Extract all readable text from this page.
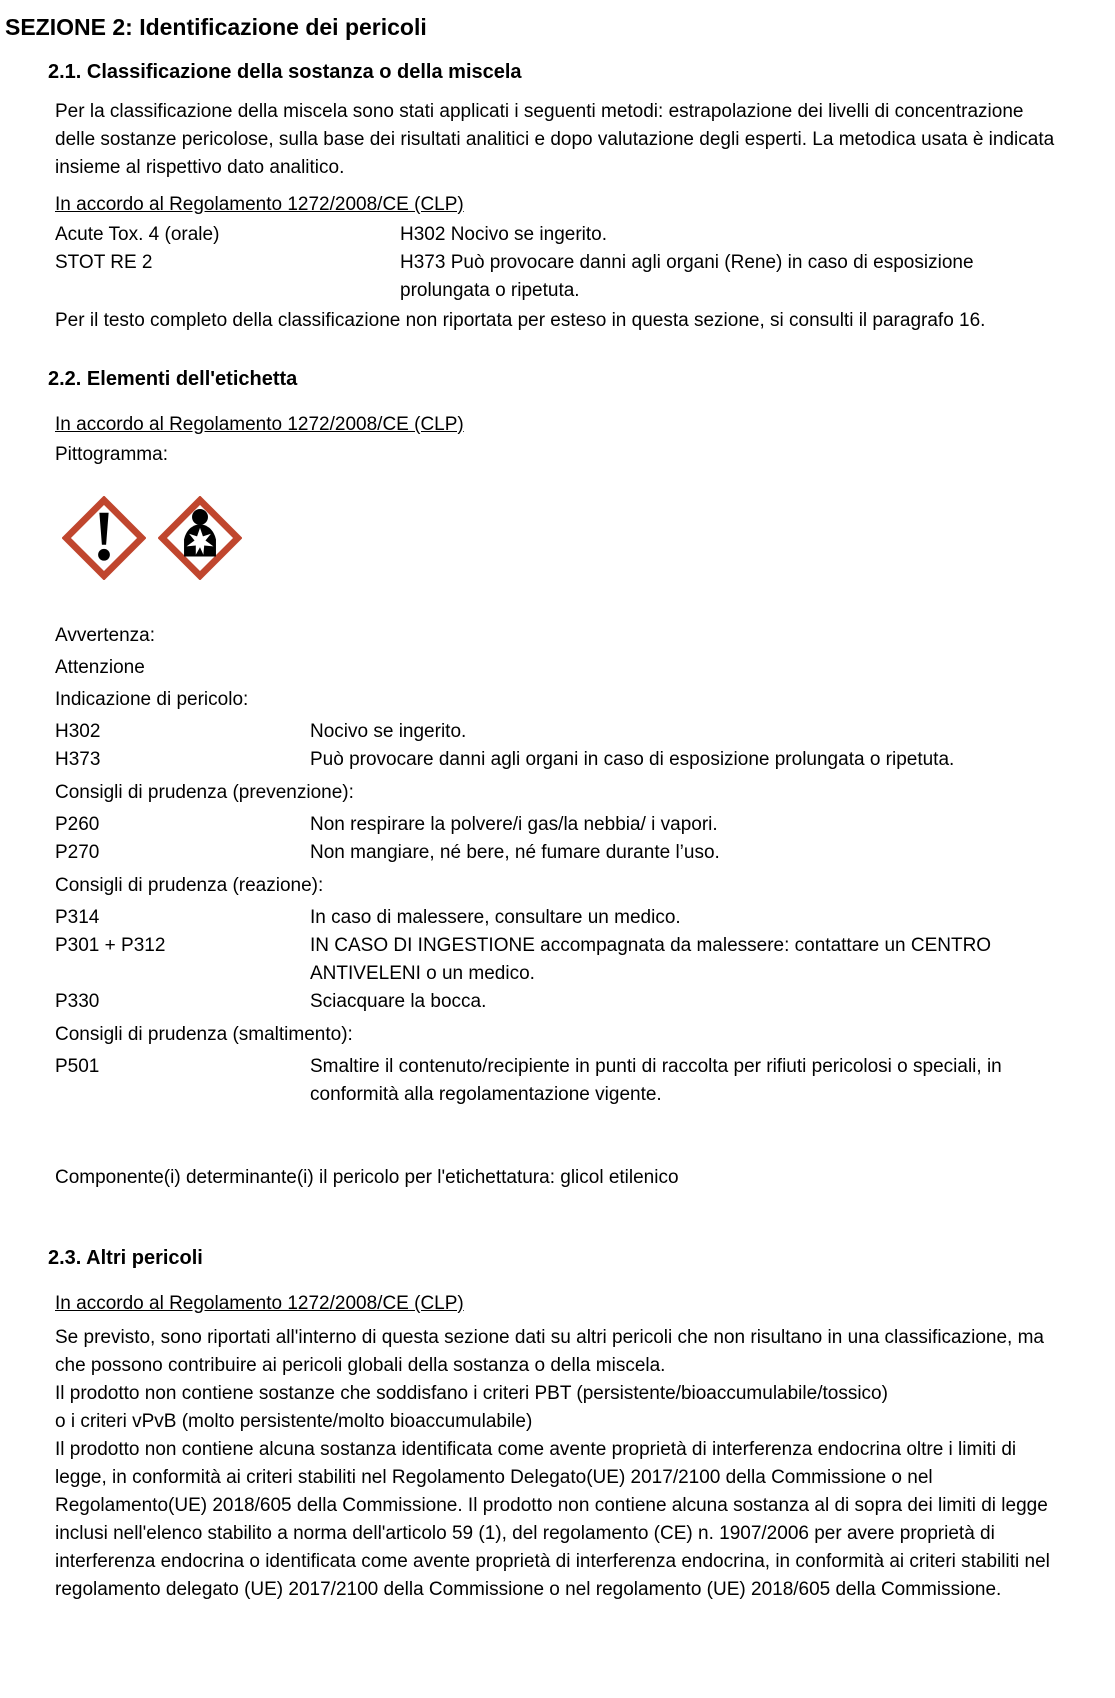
SEZIONE 2: Identificazione dei pericoli
2.1. Classificazione della sostanza o della miscela
Per la classificazione della miscela sono stati applicati i seguenti metodi: estrapolazione dei livelli di concentrazione delle sostanze pericolose, sulla base dei risultati analitici e dopo valutazione degli esperti. La metodica usata è indicata insieme al rispettivo dato analitico.
In accordo al Regolamento 1272/2008/CE (CLP)
Acute Tox. 4 (orale)	H302 Nocivo se ingerito.
STOT RE 2	H373 Può provocare danni agli organi (Rene) in caso di esposizione prolungata o ripetuta.
Per il testo completo della classificazione non riportata per esteso in questa sezione, si consulti il paragrafo 16.
2.2. Elementi dell'etichetta
In accordo al Regolamento 1272/2008/CE (CLP)
Pittogramma:
Avvertenza:
Attenzione
Indicazione di pericolo:
H302	Nocivo se ingerito.
H373	Può provocare danni agli organi in caso di esposizione prolungata o ripetuta.
Consigli di prudenza (prevenzione):
P260	Non respirare la polvere/i gas/la nebbia/ i vapori.
P270	Non mangiare, né bere, né fumare durante l’uso.
Consigli di prudenza (reazione):
P314	In caso di malessere, consultare un medico.
P301 + P312	IN CASO DI INGESTIONE accompagnata da malessere: contattare un CENTRO ANTIVELENI o un medico.
P330	Sciacquare la bocca.
Consigli di prudenza (smaltimento):
P501	Smaltire il contenuto/recipiente in punti di raccolta per rifiuti pericolosi o speciali, in conformità alla regolamentazione vigente.
Componente(i) determinante(i) il pericolo per l'etichettatura: glicol etilenico
2.3. Altri pericoli
In accordo al Regolamento 1272/2008/CE (CLP)
Se previsto, sono riportati all'interno di questa sezione dati su altri pericoli che non risultano in una classificazione, ma che possono contribuire ai pericoli globali della sostanza o della miscela.
Il prodotto non contiene sostanze che soddisfano i criteri PBT (persistente/bioaccumulabile/tossico)
o i criteri vPvB (molto persistente/molto bioaccumulabile)
Il prodotto non contiene alcuna sostanza identificata come avente proprietà di interferenza endocrina oltre i limiti di legge, in conformità ai criteri stabiliti nel Regolamento Delegato(UE) 2017/2100 della Commissione o nel Regolamento(UE) 2018/605 della Commissione. Il prodotto non contiene alcuna sostanza al di sopra dei limiti di legge inclusi nell'elenco stabilito a norma dell'articolo 59 (1), del regolamento (CE) n. 1907/2006 per avere proprietà di interferenza endocrina o identificata come avente proprietà di interferenza endocrina, in conformità ai criteri stabiliti nel regolamento delegato (UE) 2017/2100 della Commissione o nel regolamento (UE) 2018/605 della Commissione.
